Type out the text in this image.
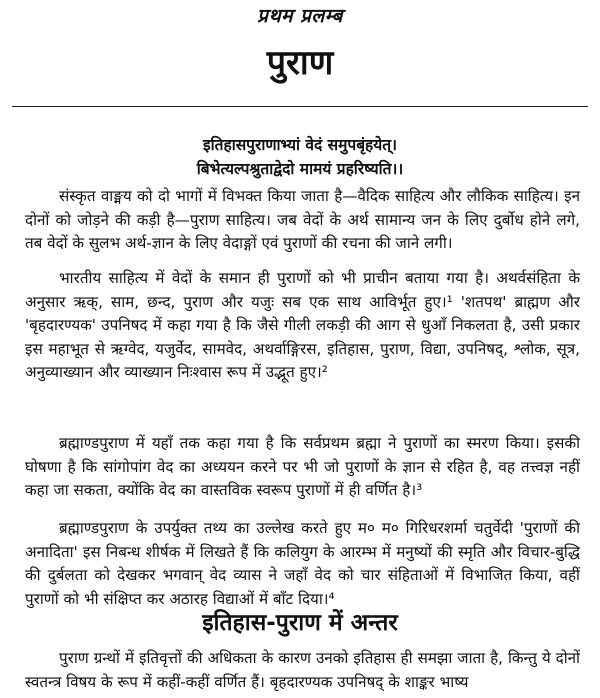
प्रथम प्रलम्ब
पुराण
इतिहासपुराणाभ्यां वेदं समुपबृंहयेत्।
बिभेत्यल्पश्रुताद्वेदो मामयं प्रहरिष्यति।।

संस्कृत वाङ्मय को दो भागों में विभक्त किया जाता है—वैदिक साहित्य और लौकिक साहित्य। इन दोनों को जोड़ने की कड़ी है—पुराण साहित्य। जब वेदों के अर्थ सामान्य जन के लिए दुर्बोध होने लगे, तब वेदों के सुलभ अर्थ-ज्ञान के लिए वेदाङ्गों एवं पुराणों की रचना की जाने लगी।

भारतीय साहित्य में वेदों के समान ही पुराणों को भी प्राचीन बताया गया है। अथर्वसंहिता के अनुसार ऋक्, साम, छन्द, पुराण और यजुः सब एक साथ आविर्भूत हुए।¹ 'शतपथ' ब्राह्मण और 'बृहदारण्यक' उपनिषद में कहा गया है कि जैसे गीली लकड़ी की आग से धुआँ निकलता है, उसी प्रकार इस महाभूत से ऋग्वेद, यजुर्वेद, सामवेद, अथर्वाङ्गिरस, इतिहास, पुराण, विद्या, उपनिषद्, श्लोक, सूत्र, अनुव्याख्यान और व्याख्यान निःश्वास रूप में उद्भूत हुए।²

ब्रह्माण्डपुराण में यहाँ तक कहा गया है कि सर्वप्रथम ब्रह्मा ने पुराणों का स्मरण किया। इसकी घोषणा है कि सांगोपांग वेद का अध्ययन करने पर भी जो पुराणों के ज्ञान से रहित है, वह तत्त्वज्ञ नहीं कहा जा सकता, क्योंकि वेद का वास्तविक स्वरूप पुराणों में ही वर्णित है।³

ब्रह्माण्डपुराण के उपर्युक्त तथ्य का उल्लेख करते हुए म० म० गिरिधरशर्मा चतुर्वेदी 'पुराणों की अनादिता' इस निबन्ध शीर्षक में लिखते हैं कि कलियुग के आरम्भ में मनुष्यों की स्मृति और विचार-बुद्धि की दुर्बलता को देखकर भगवान् वेद व्यास ने जहाँ वेद को चार संहिताओं में विभाजित किया, वहीं पुराणों को भी संक्षिप्त कर अठारह विद्याओं में बाँट दिया।⁴

इतिहास-पुराण में अन्तर

पुराण ग्रन्थों में इतिवृत्तों की अधिकता के कारण उनको इतिहास ही समझा जाता है, किन्तु ये दोनों स्वतन्त्र विषय के रूप में कहीं-कहीं वर्णित हैं। बृहदारण्यक उपनिषद् के शाङ्कर भाष्य
